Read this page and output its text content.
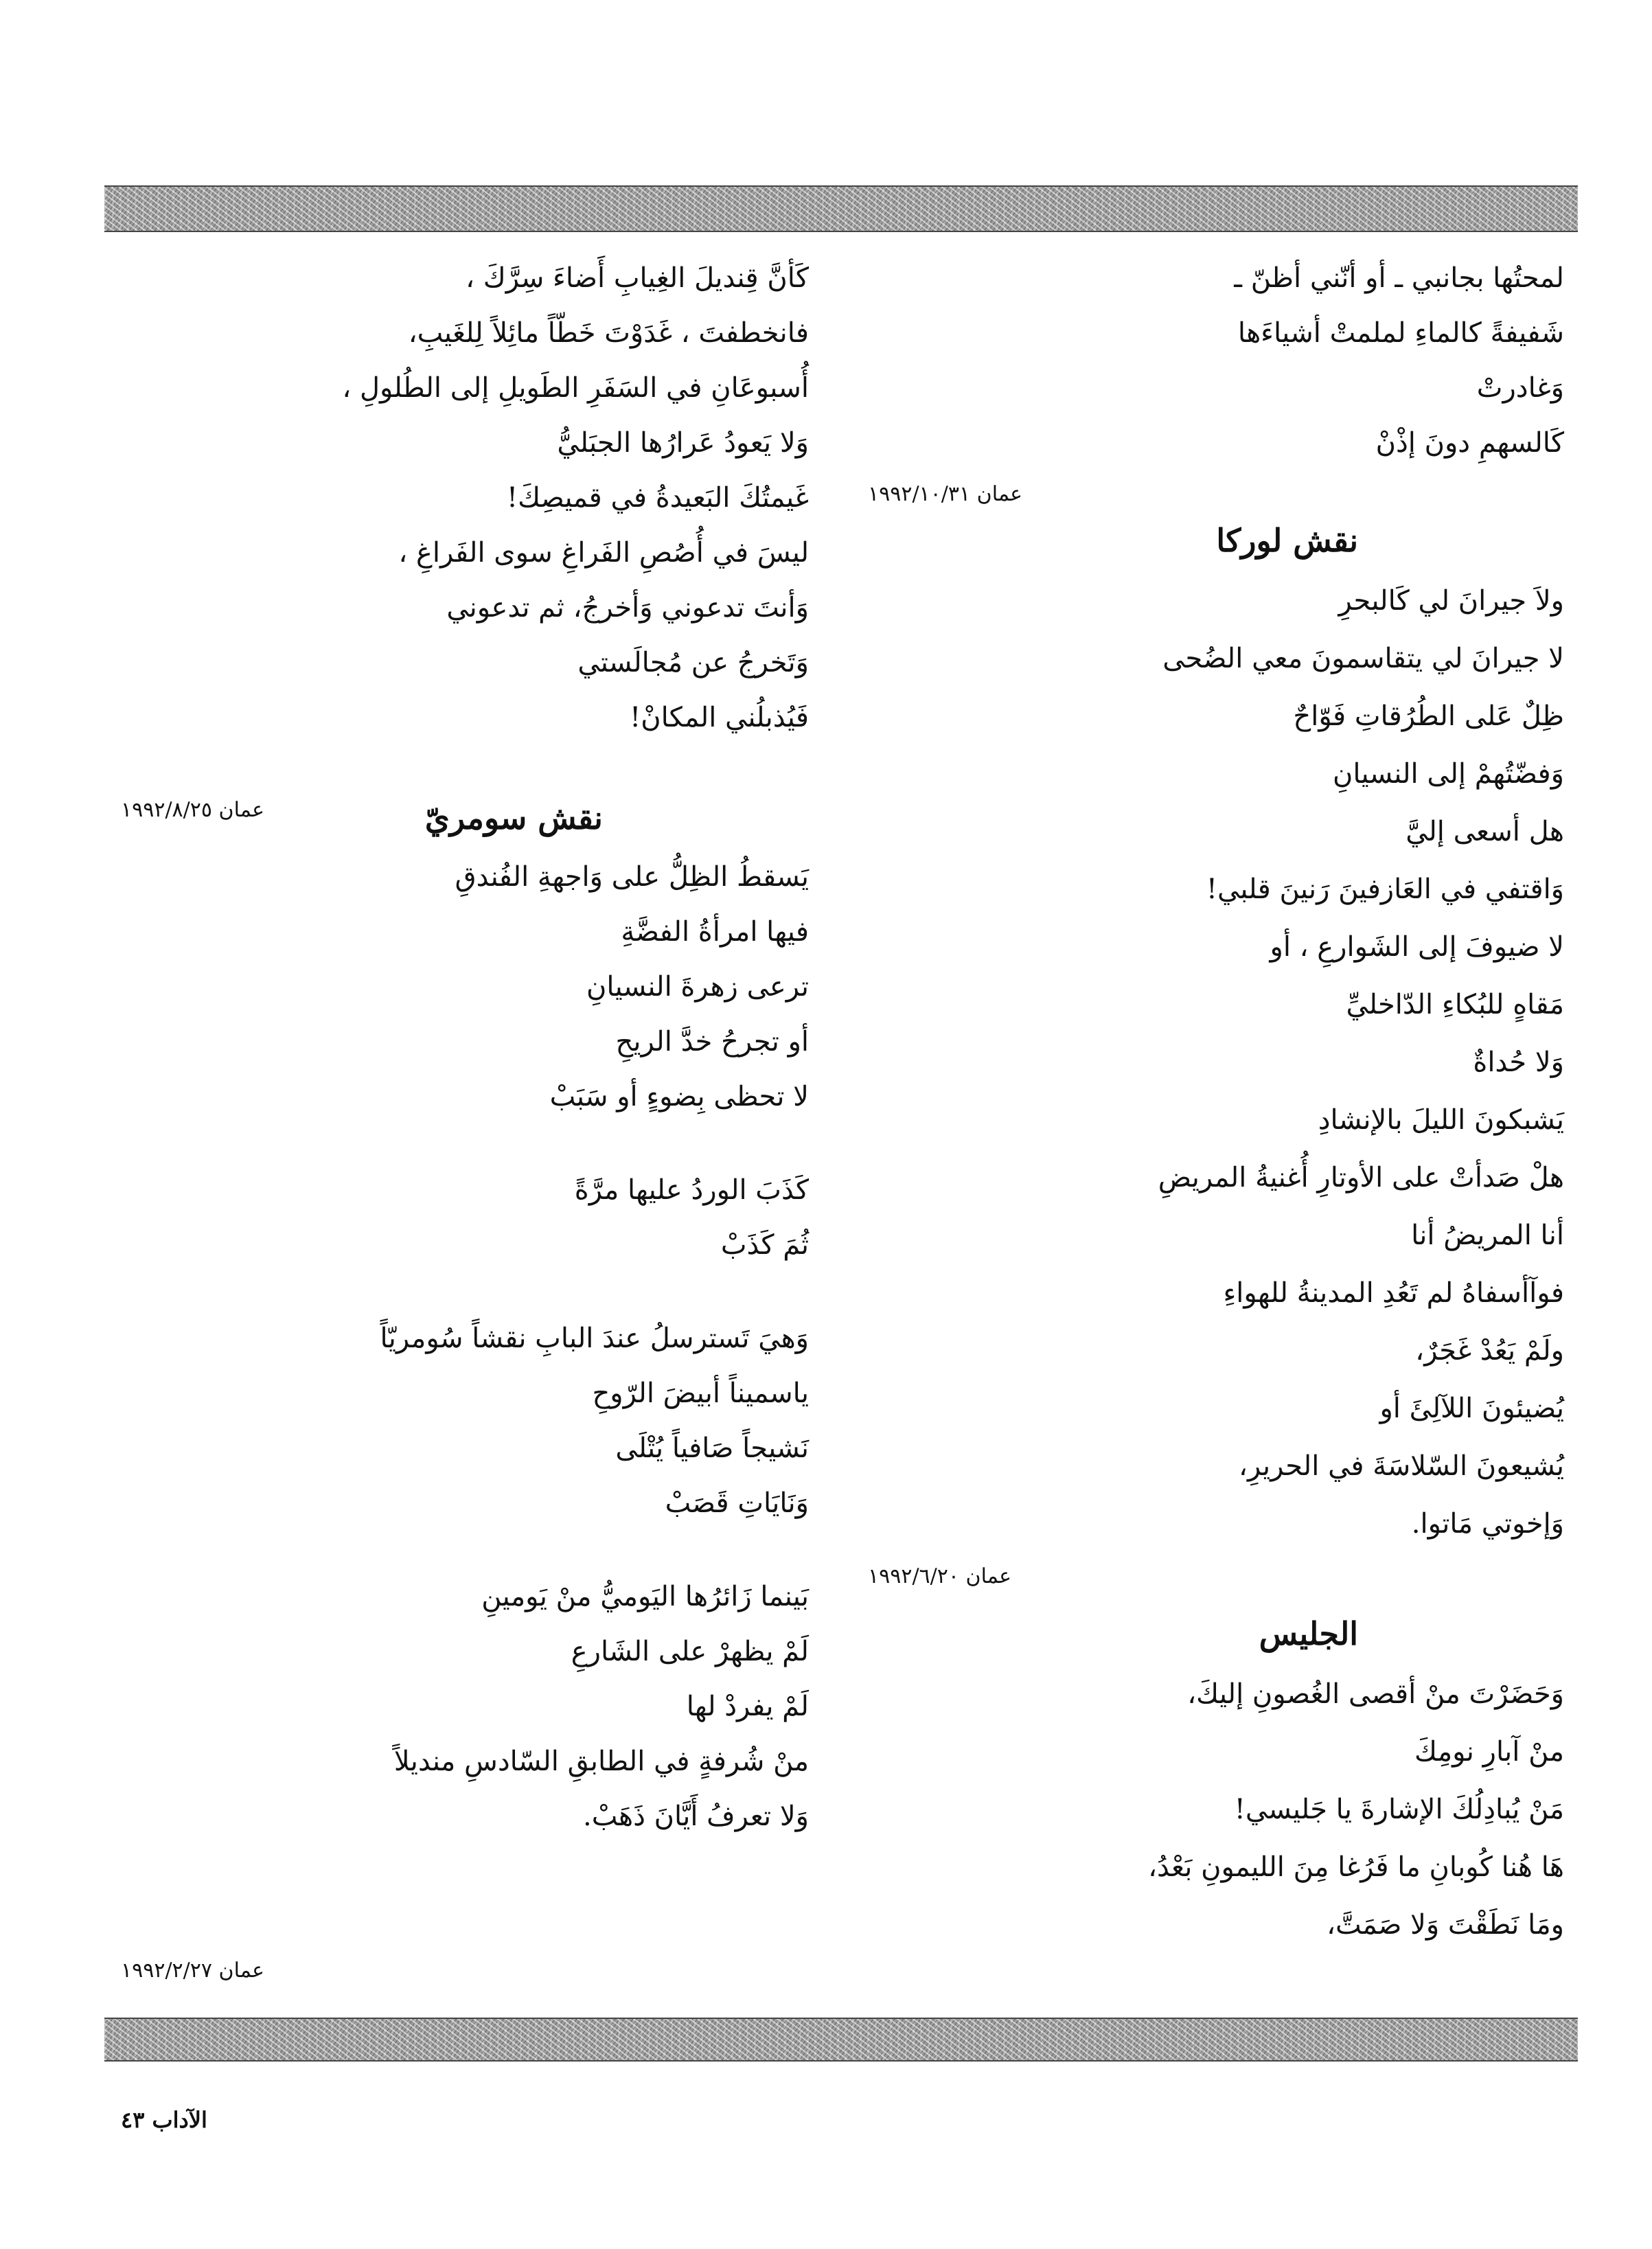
لمحتُها بجانبي ـ أو أنّني أظنّ ـ
شَفيفةً كالماءِ لملمتْ أشياءَها
وَغادرتْ
كَالسهمِ دونَ إذْنْ
نقش لوركا
ولاَ جيرانَ لي كَالبحرِ
لا جيرانَ لي يتقاسمونَ معي الضُحى
ظِلٌ عَلى الطُرُقاتِ فَوّاحٌ
وَفضّتُهمْ إلى النسيانِ
هل أسعى إليَّ
وَاقتفي في العَازفينَ رَنينَ قلبي!
لا ضيوفَ إلى الشَوارعِ ، أو
مَقاهٍ للبُكاءِ الدّاخليِّ
وَلا حُداةٌ
يَشبكونَ الليلَ بالإنشادِ
هلْ صَدأتْ على الأوتارِ أُغنيةُ المريضِ
أنا المريضُ أنا
فوآأسفاهُ لم تَعُدِ المدينةُ للهواءِ
ولَمْ يَعُدْ غَجَرٌ،
يُضيئونَ اللآلِئَ أو
يُشيعونَ السّلاسَةَ في الحريرِ،
وَإخوتي مَاتوا.
الجليس
وَحَضَرْتَ منْ أقصى الغُصونِ إليكَ،
منْ آبارِ نومِكَ
مَنْ يُبادِلُكَ الإشارةَ يا جَليسي!
هَا هُنا كُوبانِ ما فَرُغا مِنَ الليمونِ بَعْدُ،
ومَا نَطَقْتَ وَلا صَمَتَّ،
كَأنَّ قِنديلَ الغِيابِ أَضاءَ سِرَّكَ ،
فانخطفتَ ، غَدَوْتَ خَطّاً مائِلاً لِلغَيبِ،
أُسبوعَانِ في السَفَرِ الطَويلِ إلى الطُلولِ ،
وَلا يَعودُ عَرارُها الجبَليُّ
غَيمتُكَ البَعيدةُ في قميصِكَ!
ليسَ في أُصُصِ الفَراغِ سوى الفَراغِ ،
وَأنتَ تدعوني وَأخرجُ، ثم تدعوني
وَتَخرجُ عن مُجالَستي
فَيُذبلُني المكانْ!
نقش سومريّ
يَسقطُ الظِلُّ على وَاجهةِ الفُندقِ
فيها امرأةُ الفضَّةِ
ترعى زهرةَ النسيانِ
أو تجرحُ خدَّ الريحِ
لا تحظى بِضوءٍ أو سَبَبْ
كَذَبَ الوردُ عليها مرَّةً
ثُمَ كَذَبْ
وَهيَ تَسترسلُ عندَ البابِ نقشاً سُومريّاً
ياسميناً أبيضَ الرّوحِ
نَشيجاً صَافياً يُتْلَى
وَنَايَاتِ قَصَبْ
بَينما زَائرُها اليَوميُّ منْ يَومينِ
لَمْ يظهرْ على الشَارعِ
لَمْ يفردْ لها
منْ شُرفةٍ في الطابقِ السّادسِ منديلاً
وَلا تعرفُ أَيَّانَ ذَهَبْ.
عمان ١٩٩٢/١٠/٣١
عمان ١٩٩٢/٨/٢٥
عمان ١٩٩٢/٦/٢٠
عمان ١٩٩٢/٢/٢٧
الآداب ٤٣
